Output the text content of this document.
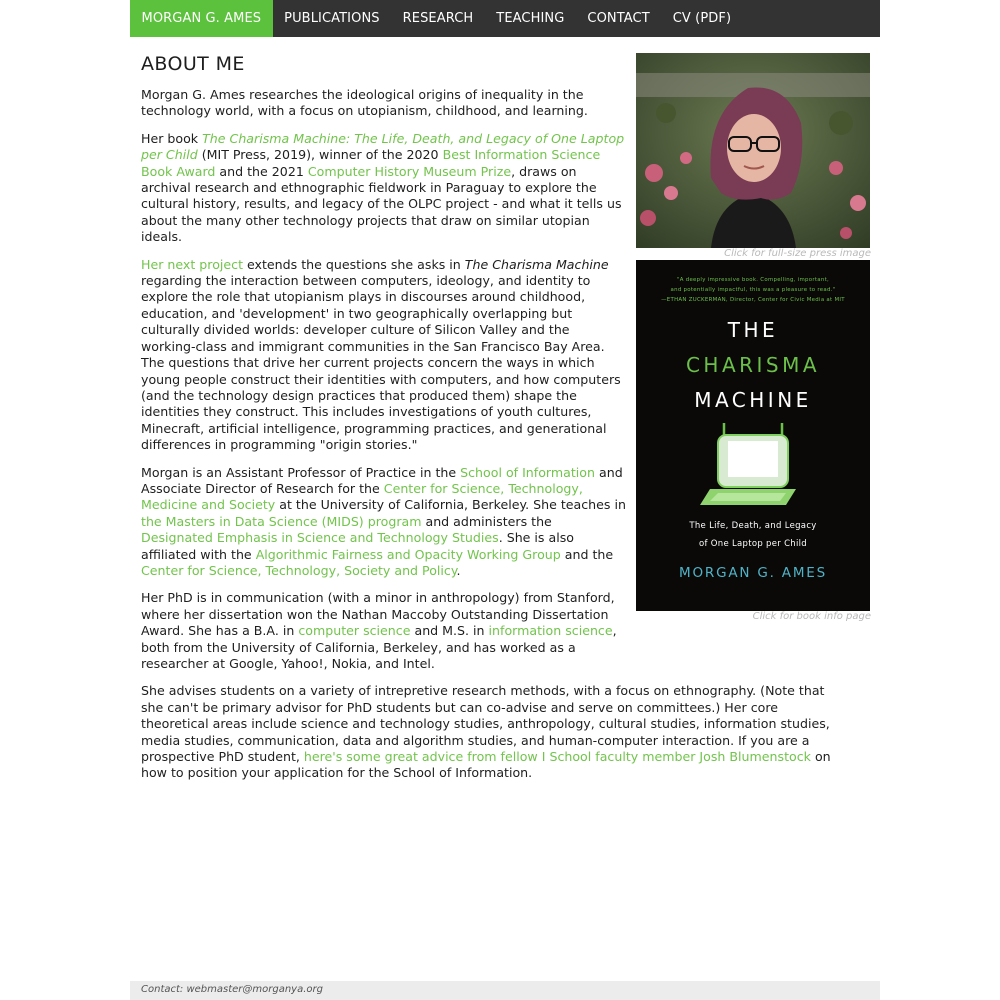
MORGAN G. AMES	PUBLICATIONS	RESEARCH	TEACHING	CONTACT	CV (PDF)
ABOUT ME

Morgan G. Ames researches the ideological origins of inequality in the technology world, with a focus on utopianism, childhood, and learning.

Her book The Charisma Machine: The Life, Death, and Legacy of One Laptop per Child (MIT Press, 2019), winner of the 2020 Best Information Science Book Award and the 2021 Computer History Museum Prize, draws on archival research and ethnographic fieldwork in Paraguay to explore the cultural history, results, and legacy of the OLPC project - and what it tells us about the many other technology projects that draw on similar utopian ideals.

Her next project extends the questions she asks in The Charisma Machine regarding the interaction between computers, ideology, and identity to explore the role that utopianism plays in discourses around childhood, education, and 'development' in two geographically overlapping but culturally divided worlds: developer culture of Silicon Valley and the working-class and immigrant communities in the San Francisco Bay Area. The questions that drive her current projects concern the ways in which young people construct their identities with computers, and how computers (and the technology design practices that produced them) shape the identities they construct. This includes investigations of youth cultures, Minecraft, artificial intelligence, programming practices, and generational differences in programming "origin stories."

Morgan is an Assistant Professor of Practice in the School of Information and Associate Director of Research for the Center for Science, Technology, Medicine and Society at the University of California, Berkeley. She teaches in the Masters in Data Science (MIDS) program and administers the Designated Emphasis in Science and Technology Studies. She is also affiliated with the Algorithmic Fairness and Opacity Working Group and the Center for Science, Technology, Society and Policy.

Her PhD is in communication (with a minor in anthropology) from Stanford, where her dissertation won the Nathan Maccoby Outstanding Dissertation Award. She has a B.A. in computer science and M.S. in information science, both from the University of California, Berkeley, and has worked as a researcher at Google, Yahoo!, Nokia, and Intel.

She advises students on a variety of intrepretive research methods, with a focus on ethnography. (Note that she can't be primary advisor for PhD students but can co-advise and serve on committees.) Her core theoretical areas include science and technology studies, anthropology, cultural studies, information studies, media studies, communication, data and algorithm studies, and human-computer interaction. If you are a prospective PhD student, here's some great advice from fellow I School faculty member Josh Blumenstock on how to position your application for the School of Information.

Click for full-size press image
"A deeply impressive book. Compelling, important,
and potentially impactful, this was a pleasure to read."
—ETHAN ZUCKERMAN, Director, Center for Civic Media at MIT
THE
CHARISMA
MACHINE
The Life, Death, and Legacy
of One Laptop per Child
MORGAN G. AMES
Click for book info page
Contact: webmaster@morganya.org
